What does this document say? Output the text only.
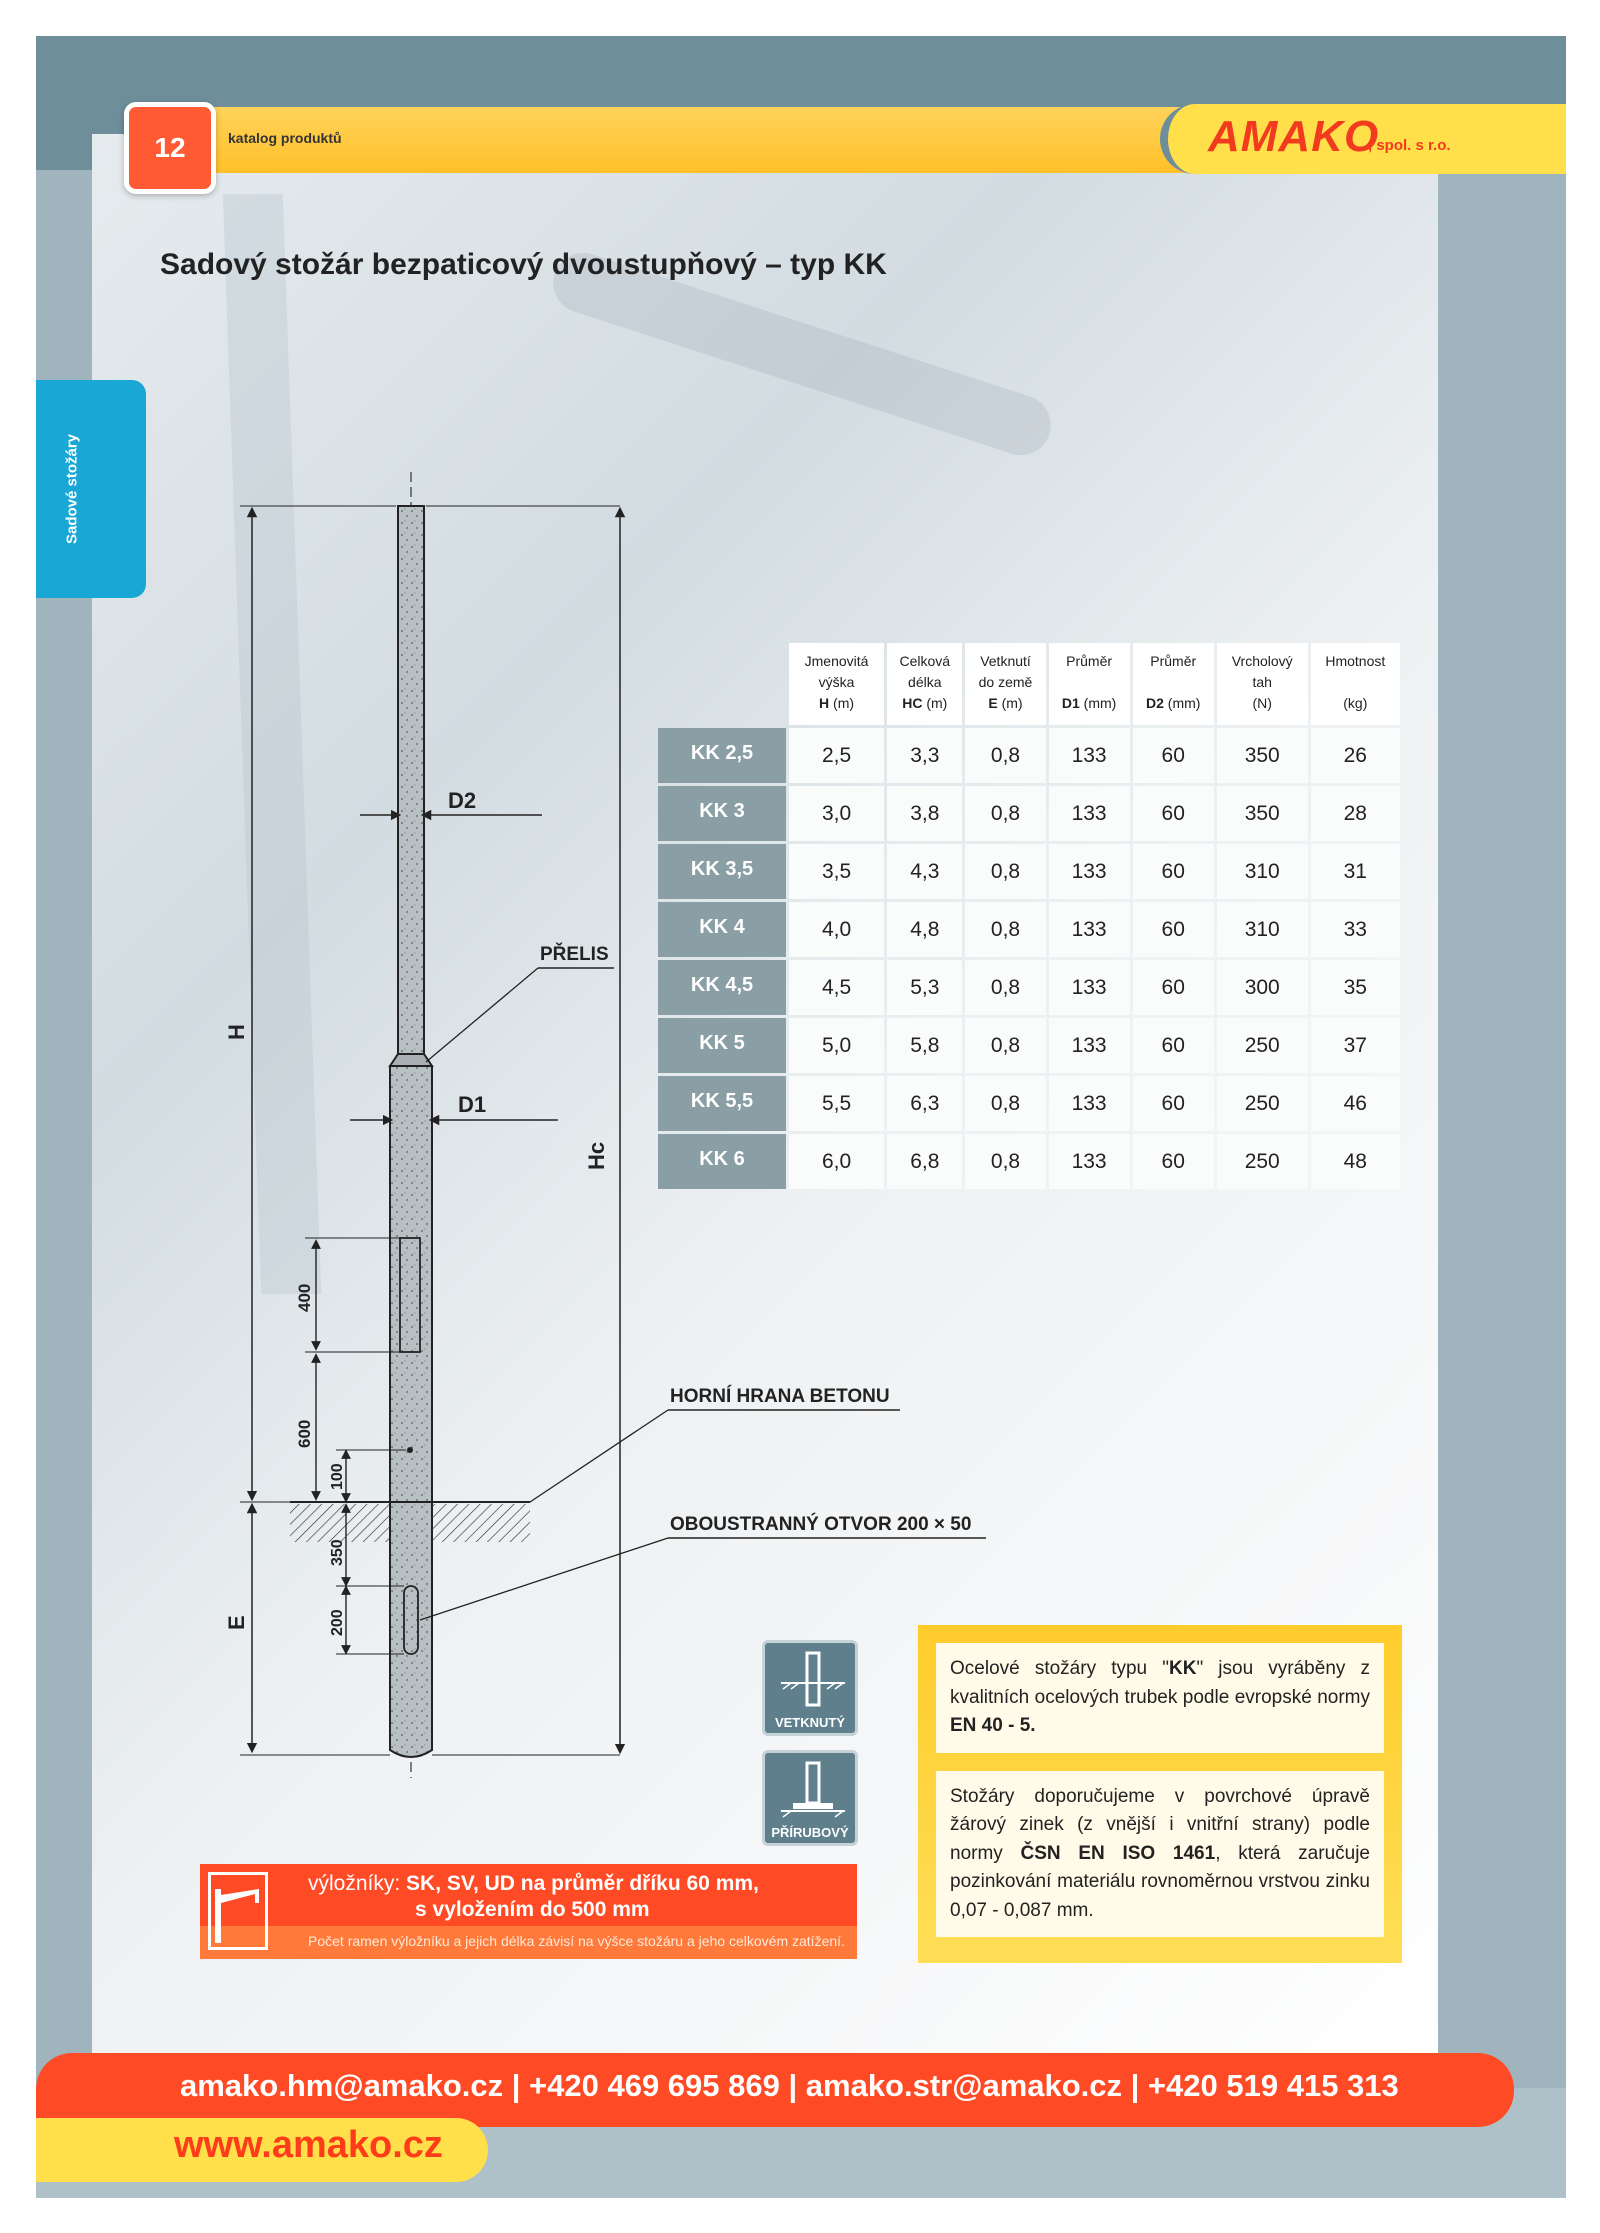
12	katalog produktů	AMAKO
, spol. s r.o.
Sadové stožáry
Sadový stožár bezpaticový dvoustupňový – typ KK
D2
D1
H
E
Hc
400
600
100
350
200
PŘELIS
HORNÍ HRANA BETONU
OBOUSTRANNÝ OTVOR 200 × 50

	Jmenovitá
výška
H (m)	Celková
délka
HC (m)	Vetknutí
do země
E (m)	Průměr

D1 (mm)	Průměr

D2 (mm)	Vrcholový
tah
(N)	Hmotnost

(kg)
KK 2,5	2,5	3,3	0,8	133	60	350	26
KK 3	3,0	3,8	0,8	133	60	350	28
KK 3,5	3,5	4,3	0,8	133	60	310	31
KK 4	4,0	4,8	0,8	133	60	310	33
KK 4,5	4,5	5,3	0,8	133	60	300	35
KK 5	5,0	5,8	0,8	133	60	250	37
KK 5,5	5,5	6,3	0,8	133	60	250	46
KK 6	6,0	6,8	0,8	133	60	250	48
VETKNUTÝ
PŘÍRUBOVÝ
Ocelové stožáry typu "KK" jsou vyráběny z kvalitních ocelových trubek podle evropské normy EN 40 - 5.
Stožáry doporučujeme v povrchové úpravě žárový zinek (z vnější i vnitřní strany) podle normy ČSN EN ISO 1461, která zaručuje pozinkování materiálu rovnoměrnou vrstvou zinku 0,07 - 0,087 mm.
výložníky: SK, SV, UD na průměr dříku 60 mm,
s vyložením do 500 mm
Počet ramen výložníku a jejich délka závisí na výšce stožáru a jeho celkovém zatížení.
amako.hm@amako.cz | +420 469 695 869 | amako.str@amako.cz | +420 519 415 313
www.amako.cz
